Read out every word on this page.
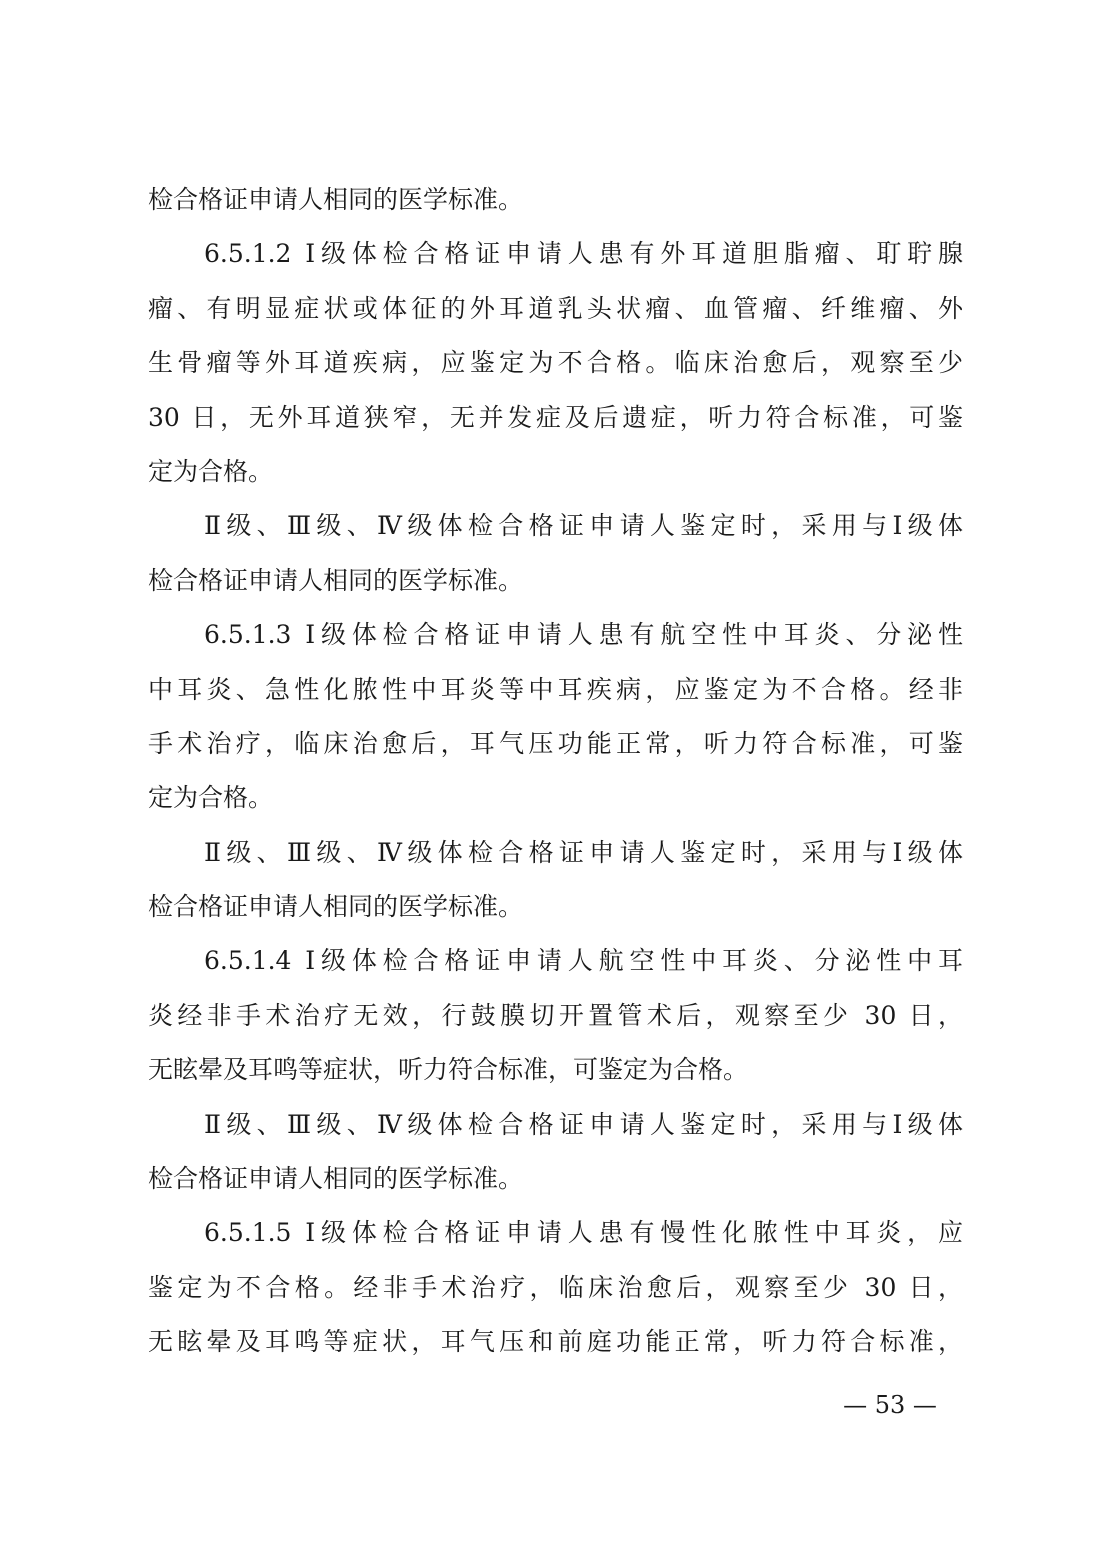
检合格证申请人相同的医学标准。
6.5.1.2 Ⅰ级体检合格证申请人患有外耳道胆脂瘤、耵聍腺
瘤、有明显症状或体征的外耳道乳头状瘤、血管瘤、纤维瘤、外
生骨瘤等外耳道疾病，应鉴定为不合格。临床治愈后，观察至少
30 日，无外耳道狭窄，无并发症及后遗症，听力符合标准，可鉴
定为合格。
Ⅱ级、Ⅲ级、Ⅳ级体检合格证申请人鉴定时，采用与Ⅰ级体
检合格证申请人相同的医学标准。
6.5.1.3 Ⅰ级体检合格证申请人患有航空性中耳炎、分泌性
中耳炎、急性化脓性中耳炎等中耳疾病，应鉴定为不合格。经非
手术治疗，临床治愈后，耳气压功能正常，听力符合标准，可鉴
定为合格。
Ⅱ级、Ⅲ级、Ⅳ级体检合格证申请人鉴定时，采用与Ⅰ级体
检合格证申请人相同的医学标准。
6.5.1.4 Ⅰ级体检合格证申请人航空性中耳炎、分泌性中耳
炎经非手术治疗无效，行鼓膜切开置管术后，观察至少 30 日，
无眩晕及耳鸣等症状，听力符合标准，可鉴定为合格。
Ⅱ级、Ⅲ级、Ⅳ级体检合格证申请人鉴定时，采用与Ⅰ级体
检合格证申请人相同的医学标准。
6.5.1.5 Ⅰ级体检合格证申请人患有慢性化脓性中耳炎，应
鉴定为不合格。经非手术治疗，临床治愈后，观察至少 30 日，
无眩晕及耳鸣等症状，耳气压和前庭功能正常，听力符合标准，
— 53 —
